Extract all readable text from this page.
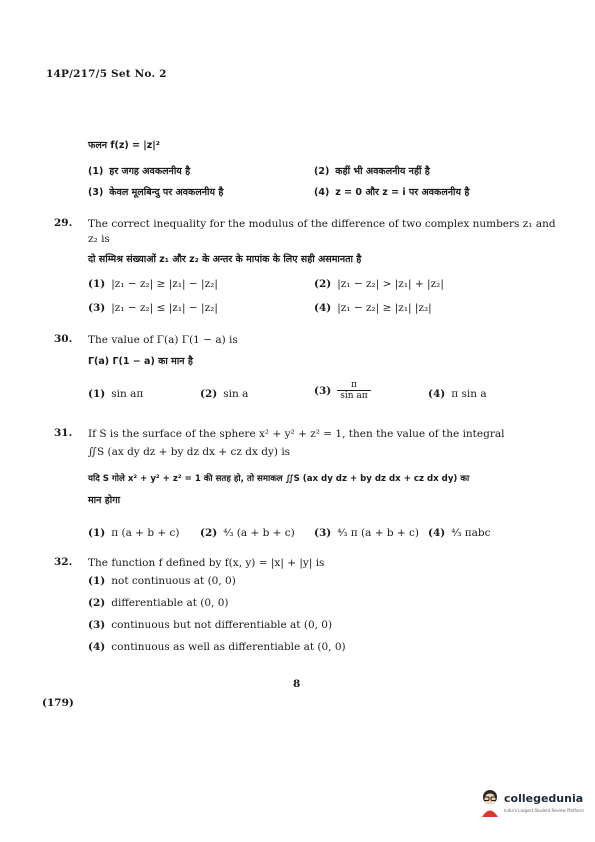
14P/217/5 Set No. 2
फलन f(z) = |z|²
(1) हर जगह अवकलनीय है	(2) कहीं भी अवकलनीय नहीं है
(3) केवल मूलबिन्दु पर अवकलनीय है	(4) z = 0 और z = i पर अवकलनीय है
29. The correct inequality for the modulus of the difference of two complex numbers z₁ and
z₂ is
दो सम्मिश्र संख्याओं z₁ और z₂ के अन्तर के मापांक के लिए सही असमानता है
(1) |z₁ − z₂| ≥ |z₁| − |z₂|	(2) |z₁ − z₂| > |z₁| + |z₂|
(3) |z₁ − z₂| ≤ |z₁| − |z₂|	(4) |z₁ − z₂| ≥ |z₁| |z₂|
30. The value of Γ(a) Γ(1 − a) is
Γ(a) Γ(1 − a) का मान है
(1) sin aπ	(2) sin a	$(3) \frac{\pi}{\text{sin aπ}}$	(4) π sin a
31. If S is the surface of the sphere x² + y² + z² = 1, then the value of the integral
∬S (ax dy dz + by dz dx + cz dx dy) is
यदि S गोले x² + y² + z² = 1 की सतह हो, तो समाकल ∬S (ax dy dz + by dz dx + cz dx dy) का
मान होगा
(1) π (a + b + c) (2) ⁴⁄₃ (a + b + c) (3) ⁴⁄₃ π (a + b + c) (4) ⁴⁄₃ πabc
32. The function f defined by f(x, y) = |x| + |y| is
(1) not continuous at (0, 0)
(2) differentiable at (0, 0)
(3) continuous but not differentiable at (0, 0)
(4) continuous as well as differentiable at (0, 0)
(179)
8
collegedunia
India's Largest Student Review Platform
